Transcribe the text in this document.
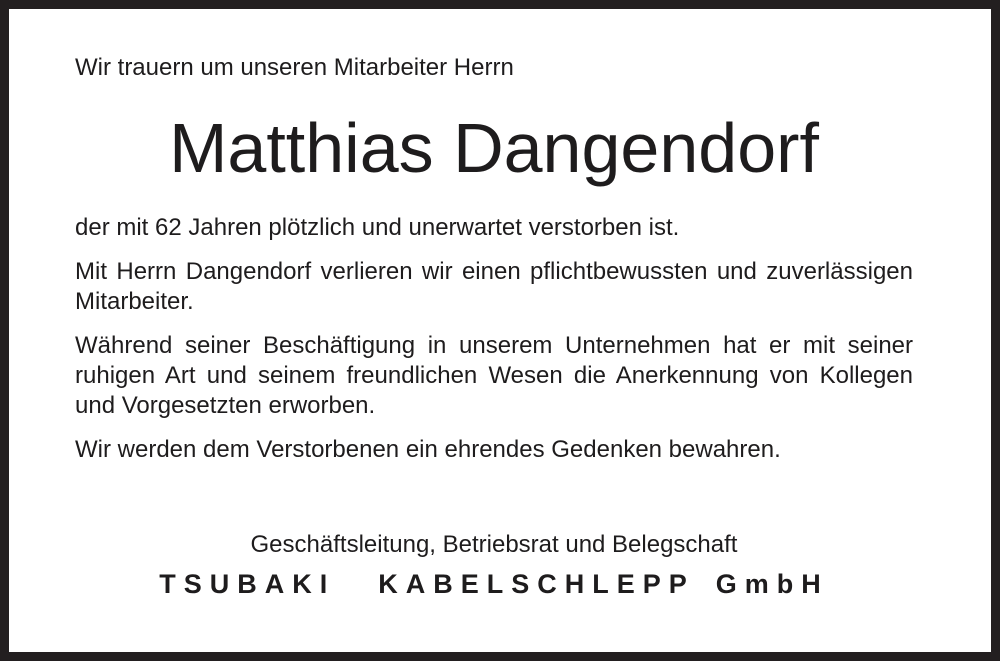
Wir trauern um unseren Mitarbeiter Herrn

Matthias Dangendorf

der mit 62 Jahren plötzlich und unerwartet verstorben ist.

Mit Herrn Dangendorf verlieren wir einen pflichtbewussten und zuverlässigen Mitarbeiter.

Während seiner Beschäftigung in unserem Unternehmen hat er mit seiner ruhigen Art und seinem freundlichen Wesen die Anerkennung von Kollegen und Vorgesetzten erworben.

Wir werden dem Verstorbenen ein ehrendes Gedenken bewahren.

Geschäftsleitung, Betriebsrat und Belegschaft

TSUBAKI  KABELSCHLEPP GmbH
